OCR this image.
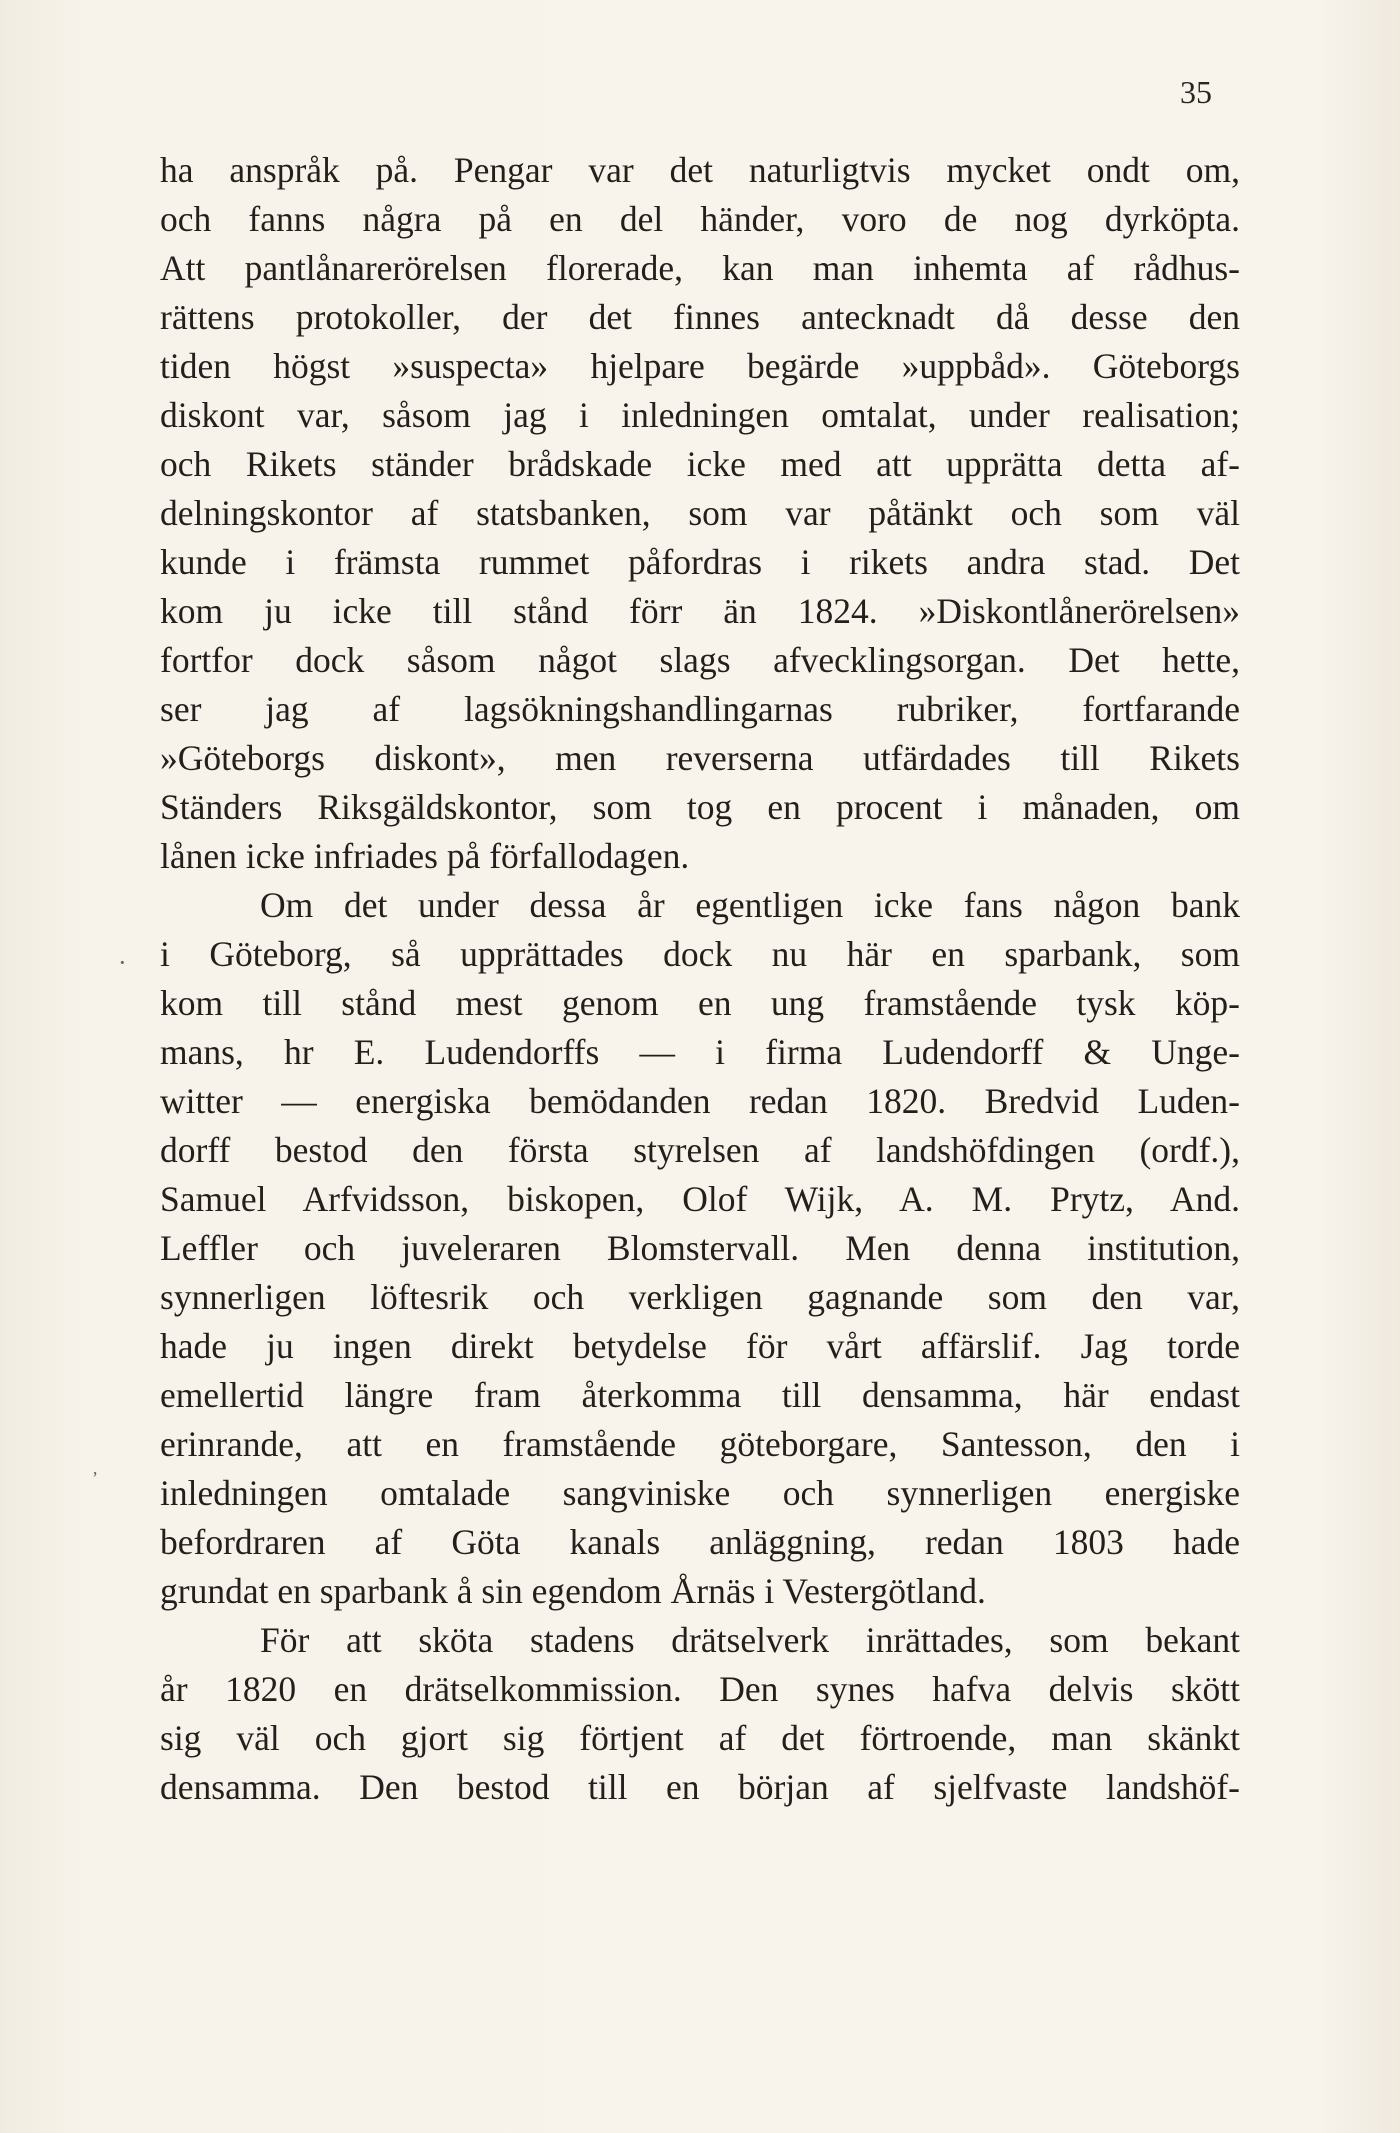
35
ha anspråk på. Pengar var det naturligtvis mycket ondt om,
och fanns några på en del händer, voro de nog dyrköpta.
Att pantlånarerörelsen florerade, kan man inhemta af rådhus-
rättens protokoller, der det finnes antecknadt då desse den
tiden högst »suspecta» hjelpare begärde »uppbåd». Göteborgs
diskont var, såsom jag i inledningen omtalat, under realisation;
och Rikets ständer brådskade icke med att upprätta detta af-
delningskontor af statsbanken, som var påtänkt och som väl
kunde i främsta rummet påfordras i rikets andra stad. Det
kom ju icke till stånd förr än 1824. »Diskontlånerörelsen»
fortfor dock såsom något slags afvecklingsorgan. Det hette,
ser jag af lagsökningshandlingarnas rubriker, fortfarande
»Göteborgs diskont», men reverserna utfärdades till Rikets
Ständers Riksgäldskontor, som tog en procent i månaden, om
lånen icke infriades på förfallodagen.
Om det under dessa år egentligen icke fans någon bank
i Göteborg, så upprättades dock nu här en sparbank, som
kom till stånd mest genom en ung framstående tysk köp-
mans, hr E. Ludendorffs — i firma Ludendorff & Unge-
witter — energiska bemödanden redan 1820. Bredvid Luden-
dorff bestod den första styrelsen af landshöfdingen (ordf.),
Samuel Arfvidsson, biskopen, Olof Wijk, A. M. Prytz, And.
Leffler och juveleraren Blomstervall. Men denna institution,
synnerligen löftesrik och verkligen gagnande som den var,
hade ju ingen direkt betydelse för vårt affärslif. Jag torde
emellertid längre fram återkomma till densamma, här endast
erinrande, att en framstående göteborgare, Santesson, den i
inledningen omtalade sangviniske och synnerligen energiske
befordraren af Göta kanals anläggning, redan 1803 hade
grundat en sparbank å sin egendom Årnäs i Vestergötland.
För att sköta stadens drätselverk inrättades, som bekant
år 1820 en drätselkommission. Den synes hafva delvis skött
sig väl och gjort sig förtjent af det förtroende, man skänkt
densamma. Den bestod till en början af sjelfvaste landshöf-
·
ʼ
